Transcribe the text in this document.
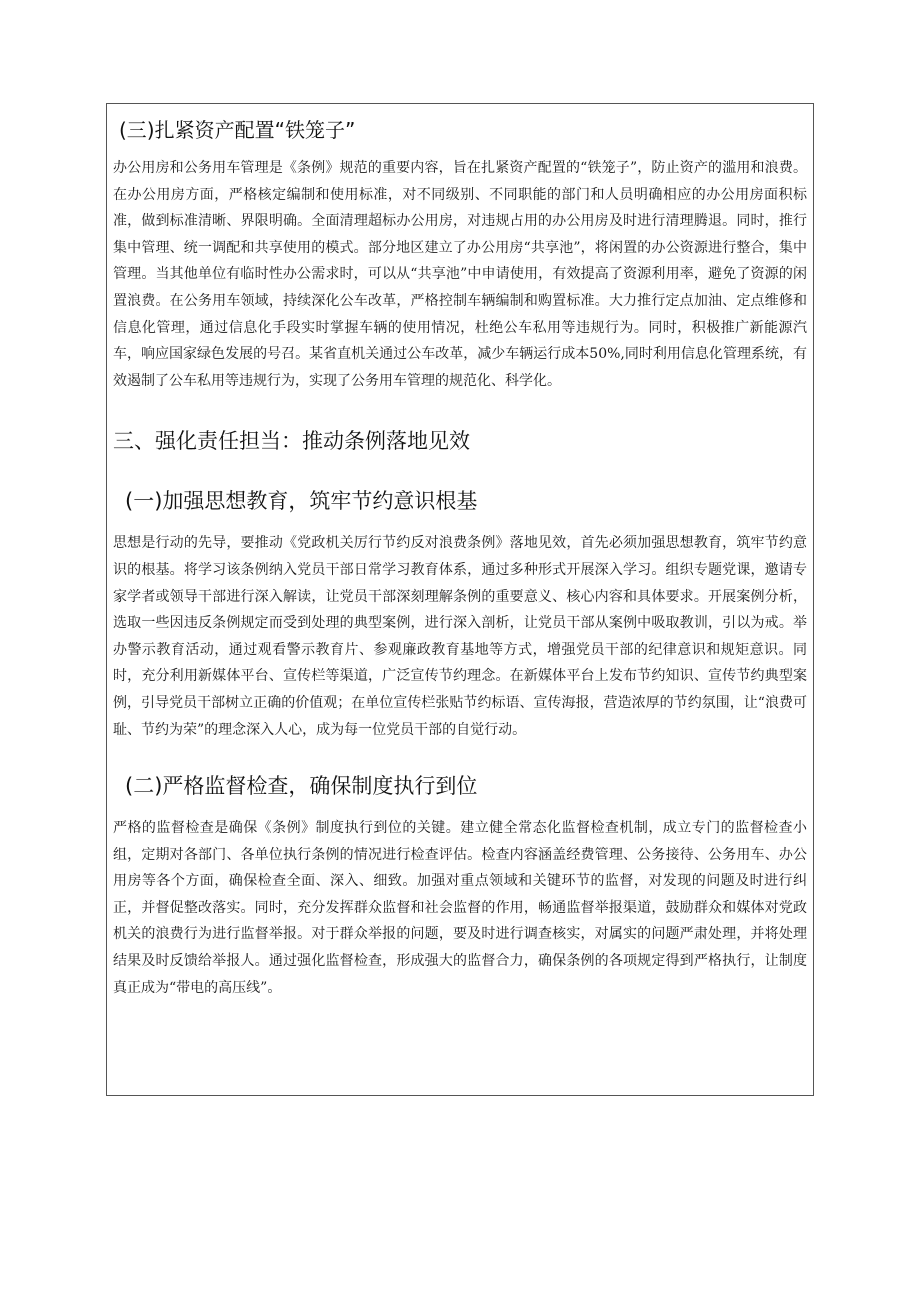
(三)扎紧资产配置“铁笼子”

办公用房和公务用车管理是《条例》规范的重要内容，旨在扎紧资产配置的“铁笼子”，防止资产的滥用和浪费。在办公用房方面，严格核定编制和使用标准，对不同级别、不同职能的部门和人员明确相应的办公用房面积标准，做到标准清晰、界限明确。全面清理超标办公用房，对违规占用的办公用房及时进行清理腾退。同时，推行集中管理、统一调配和共享使用的模式。部分地区建立了办公用房“共享池”，将闲置的办公资源进行整合，集中管理。当其他单位有临时性办公需求时，可以从“共享池”中申请使用，有效提高了资源利用率，避免了资源的闲置浪费。在公务用车领域，持续深化公车改革，严格控制车辆编制和购置标准。大力推行定点加油、定点维修和信息化管理，通过信息化手段实时掌握车辆的使用情况，杜绝公车私用等违规行为。同时，积极推广新能源汽车，响应国家绿色发展的号召。某省直机关通过公车改革，减少车辆运行成本50%,同时利用信息化管理系统，有效遏制了公车私用等违规行为，实现了公务用车管理的规范化、科学化。

三、强化责任担当：推动条例落地见效
(一)加强思想教育，筑牢节约意识根基

思想是行动的先导，要推动《党政机关厉行节约反对浪费条例》落地见效，首先必须加强思想教育，筑牢节约意识的根基。将学习该条例纳入党员干部日常学习教育体系，通过多种形式开展深入学习。组织专题党课，邀请专家学者或领导干部进行深入解读，让党员干部深刻理解条例的重要意义、核心内容和具体要求。开展案例分析，选取一些因违反条例规定而受到处理的典型案例，进行深入剖析，让党员干部从案例中吸取教训，引以为戒。举办警示教育活动，通过观看警示教育片、参观廉政教育基地等方式，增强党员干部的纪律意识和规矩意识。同时，充分利用新媒体平台、宣传栏等渠道，广泛宣传节约理念。在新媒体平台上发布节约知识、宣传节约典型案例，引导党员干部树立正确的价值观；在单位宣传栏张贴节约标语、宣传海报，营造浓厚的节约氛围，让“浪费可耻、节约为荣”的理念深入人心，成为每一位党员干部的自觉行动。

(二)严格监督检查，确保制度执行到位

严格的监督检查是确保《条例》制度执行到位的关键。建立健全常态化监督检查机制，成立专门的监督检查小组，定期对各部门、各单位执行条例的情况进行检查评估。检查内容涵盖经费管理、公务接待、公务用车、办公用房等各个方面，确保检查全面、深入、细致。加强对重点领域和关键环节的监督，对发现的问题及时进行纠正，并督促整改落实。同时，充分发挥群众监督和社会监督的作用，畅通监督举报渠道，鼓励群众和媒体对党政机关的浪费行为进行监督举报。对于群众举报的问题，要及时进行调查核实，对属实的问题严肃处理，并将处理结果及时反馈给举报人。通过强化监督检查，形成强大的监督合力，确保条例的各项规定得到严格执行，让制度真正成为“带电的高压线”。
